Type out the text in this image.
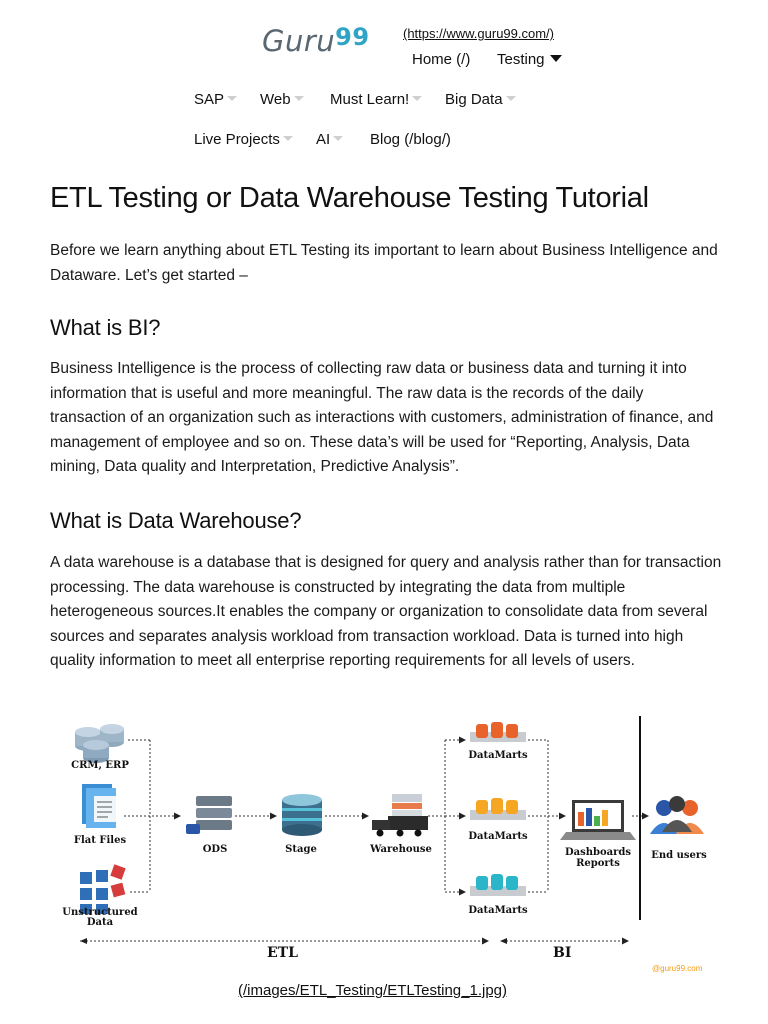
Guru$^{99}$	(https://www.guru99.com/)
Home (/) Testing
SAP	Web	Must Learn!	Big Data
Live Projects	AI	Blog (/blog/)
ETL Testing or Data Warehouse Testing Tutorial

Before we learn anything about ETL Testing its important to learn about Business Intelligence and Dataware. Let’s get started –

What is BI?

Business Intelligence is the process of collecting raw data or business data and turning it into information that is useful and more meaningful. The raw data is the records of the daily transaction of an organization such as interactions with customers, administration of finance, and management of employee and so on. These data’s will be used for “Reporting, Analysis, Data mining, Data quality and Interpretation, Predictive Analysis”.

What is Data Warehouse?

A data warehouse is a database that is designed for query and analysis rather than for transaction processing. The data warehouse is constructed by integrating the data from multiple heterogeneous sources.It enables the company or organization to consolidate data from several sources and separates analysis workload from transaction workload. Data is turned into high quality information to meet all enterprise reporting requirements for all levels of users.

CRM, ERP
Flat Files
Unstructured
Data
ODS	Stage	Warehouse
DataMarts
DataMarts
DataMarts
Dashboards
Reports
End users
ETL	BI
@guru99.com
(/images/ETL_Testing/ETLTesting_1.jpg)
